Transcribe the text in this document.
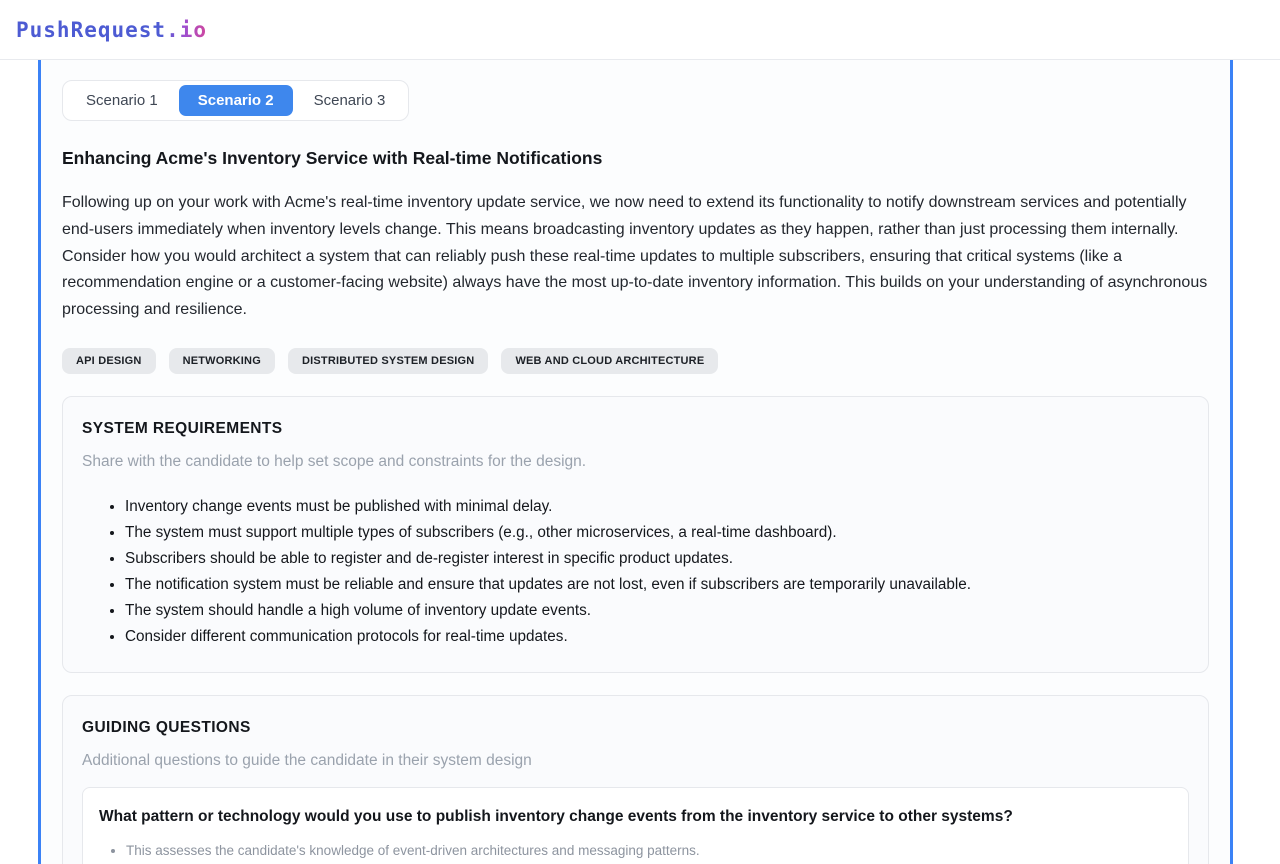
PushRequest.io
Scenario 1	Scenario 2	Scenario 3
Enhancing Acme's Inventory Service with Real-time Notifications

Following up on your work with Acme's real-time inventory update service, we now need to extend its functionality to notify downstream services and potentially end-users immediately when inventory levels change. This means broadcasting inventory updates as they happen, rather than just processing them internally. Consider how you would architect a system that can reliably push these real-time updates to multiple subscribers, ensuring that critical systems (like a recommendation engine or a customer-facing website) always have the most up-to-date inventory information. This builds on your understanding of asynchronous processing and resilience.

API DESIGN	NETWORKING	DISTRIBUTED SYSTEM DESIGN	WEB AND CLOUD ARCHITECTURE
SYSTEM REQUIREMENTS

Share with the candidate to help set scope and constraints for the design.

• Inventory change events must be published with minimal delay.
• The system must support multiple types of subscribers (e.g., other microservices, a real-time dashboard).
• Subscribers should be able to register and de-register interest in specific product updates.
• The notification system must be reliable and ensure that updates are not lost, even if subscribers are temporarily unavailable.
• The system should handle a high volume of inventory update events.
• Consider different communication protocols for real-time updates.
GUIDING QUESTIONS

Additional questions to guide the candidate in their system design

What pattern or technology would you use to publish inventory change events from the inventory service to other systems?

• This assesses the candidate's knowledge of event-driven architectures and messaging patterns.
